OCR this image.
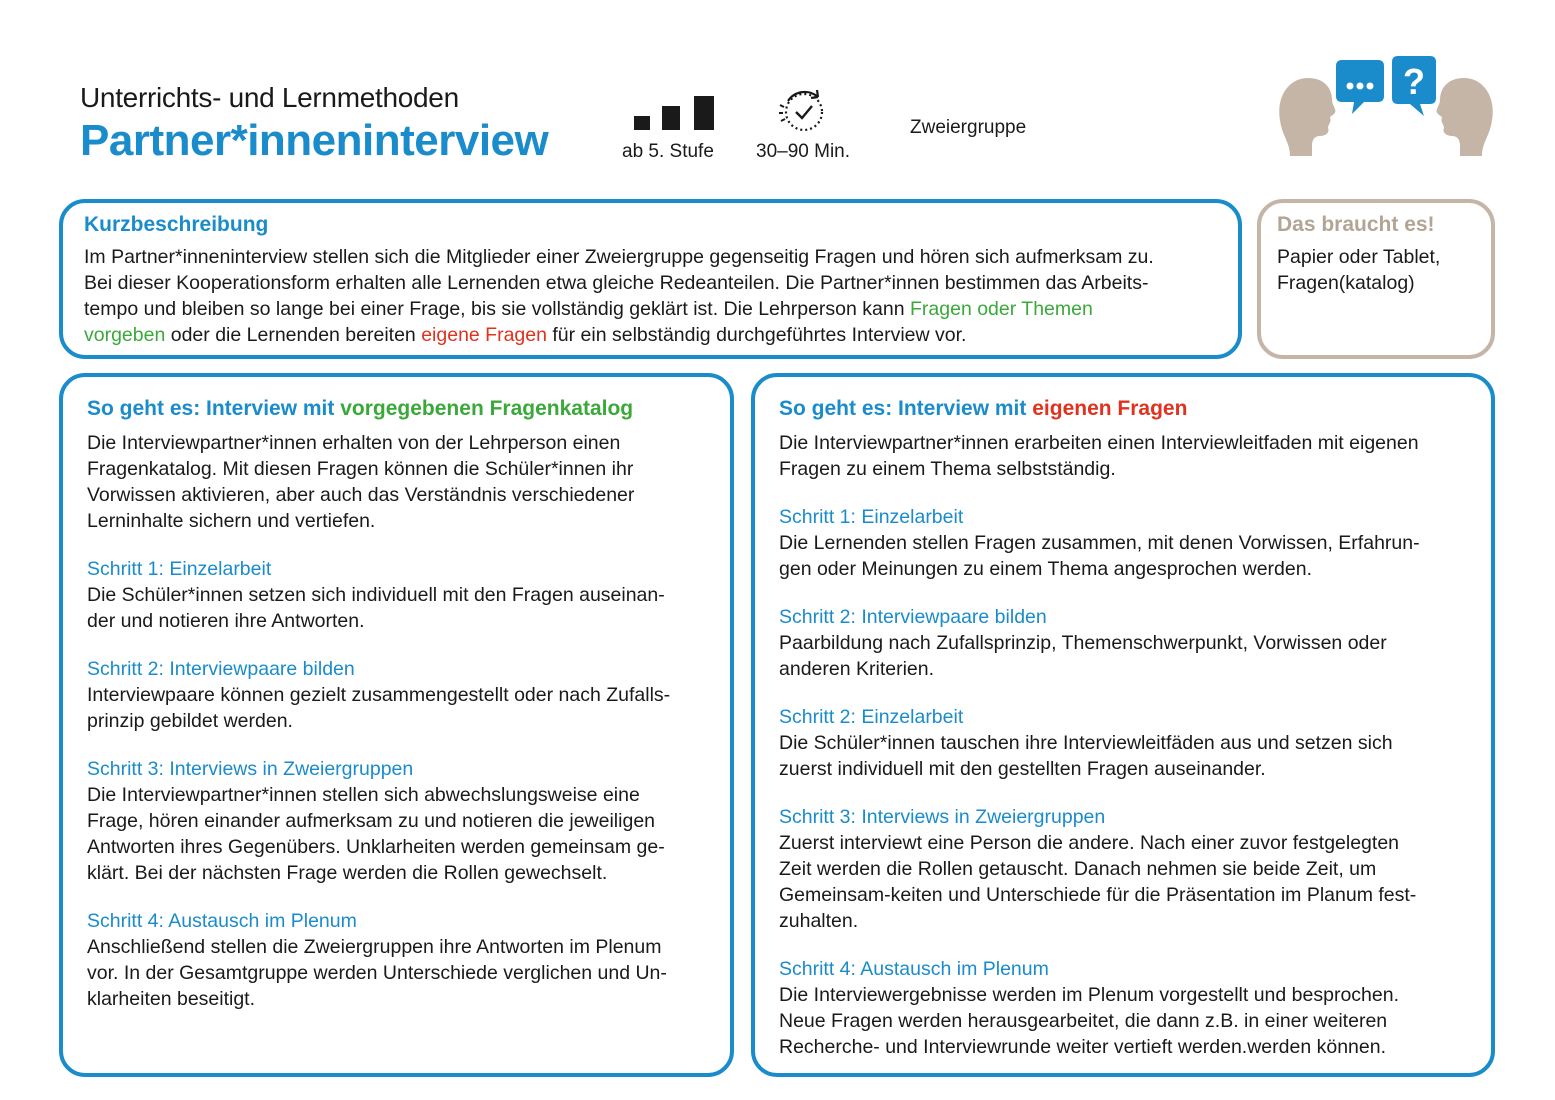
Unterrichts- und Lernmethoden
Partner*inneninterview	ab 5. Stufe 30–90 Min.
Zweiergruppe
?
Kurzbeschreibung
Im Partner*inneninterview stellen sich die Mitglieder einer Zweiergruppe gegenseitig Fragen und hören sich aufmerksam zu.
Bei dieser Kooperationsform erhalten alle Lernenden etwa gleiche Redeanteilen. Die Partner*innen bestimmen das Arbeits-
tempo und bleiben so lange bei einer Frage, bis sie vollständig geklärt ist. Die Lehrperson kann Fragen oder Themen
vorgeben oder die Lernenden bereiten eigene Fragen für ein selbständig durchgeführtes Interview vor.
Das braucht es!
Papier oder Tablet,
Fragen(katalog)
So geht es: Interview mit vorgegebenen Fragenkatalog
Die Interviewpartner*innen erhalten von der Lehrperson einen
Fragenkatalog. Mit diesen Fragen können die Schüler*innen ihr
Vorwissen aktivieren, aber auch das Verständnis verschiedener
Lerninhalte sichern und vertiefen.
Schritt 1: Einzelarbeit
Die Schüler*innen setzen sich individuell mit den Fragen auseinan-
der und notieren ihre Antworten.
Schritt 2: Interviewpaare bilden
Interviewpaare können gezielt zusammengestellt oder nach Zufalls-
prinzip gebildet werden.
Schritt 3: Interviews in Zweiergruppen
Die Interviewpartner*innen stellen sich abwechslungsweise eine
Frage, hören einander aufmerksam zu und notieren die jeweiligen
Antworten ihres Gegenübers. Unklarheiten werden gemeinsam ge-
klärt. Bei der nächsten Frage werden die Rollen gewechselt.
Schritt 4: Austausch im Plenum
Anschließend stellen die Zweiergruppen ihre Antworten im Plenum
vor. In der Gesamtgruppe werden Unterschiede verglichen und Un-
klarheiten beseitigt.
So geht es: Interview mit eigenen Fragen
Die Interviewpartner*innen erarbeiten einen Interviewleitfaden mit eigenen
Fragen zu einem Thema selbstständig.
Schritt 1: Einzelarbeit
Die Lernenden stellen Fragen zusammen, mit denen Vorwissen, Erfahrun-
gen oder Meinungen zu einem Thema angesprochen werden.
Schritt 2: Interviewpaare bilden
Paarbildung nach Zufallsprinzip, Themenschwerpunkt, Vorwissen oder
anderen Kriterien.
Schritt 2: Einzelarbeit
Die Schüler*innen tauschen ihre Interviewleitfäden aus und setzen sich
zuerst individuell mit den gestellten Fragen auseinander.
Schritt 3: Interviews in Zweiergruppen
Zuerst interviewt eine Person die andere. Nach einer zuvor festgelegten
Zeit werden die Rollen getauscht. Danach nehmen sie beide Zeit, um
Gemeinsam-keiten und Unterschiede für die Präsentation im Planum fest-
zuhalten.
Schritt 4: Austausch im Plenum
Die Interviewergebnisse werden im Plenum vorgestellt und besprochen.
Neue Fragen werden herausgearbeitet, die dann z.B. in einer weiteren
Recherche- und Interviewrunde weiter vertieft werden.werden können.
